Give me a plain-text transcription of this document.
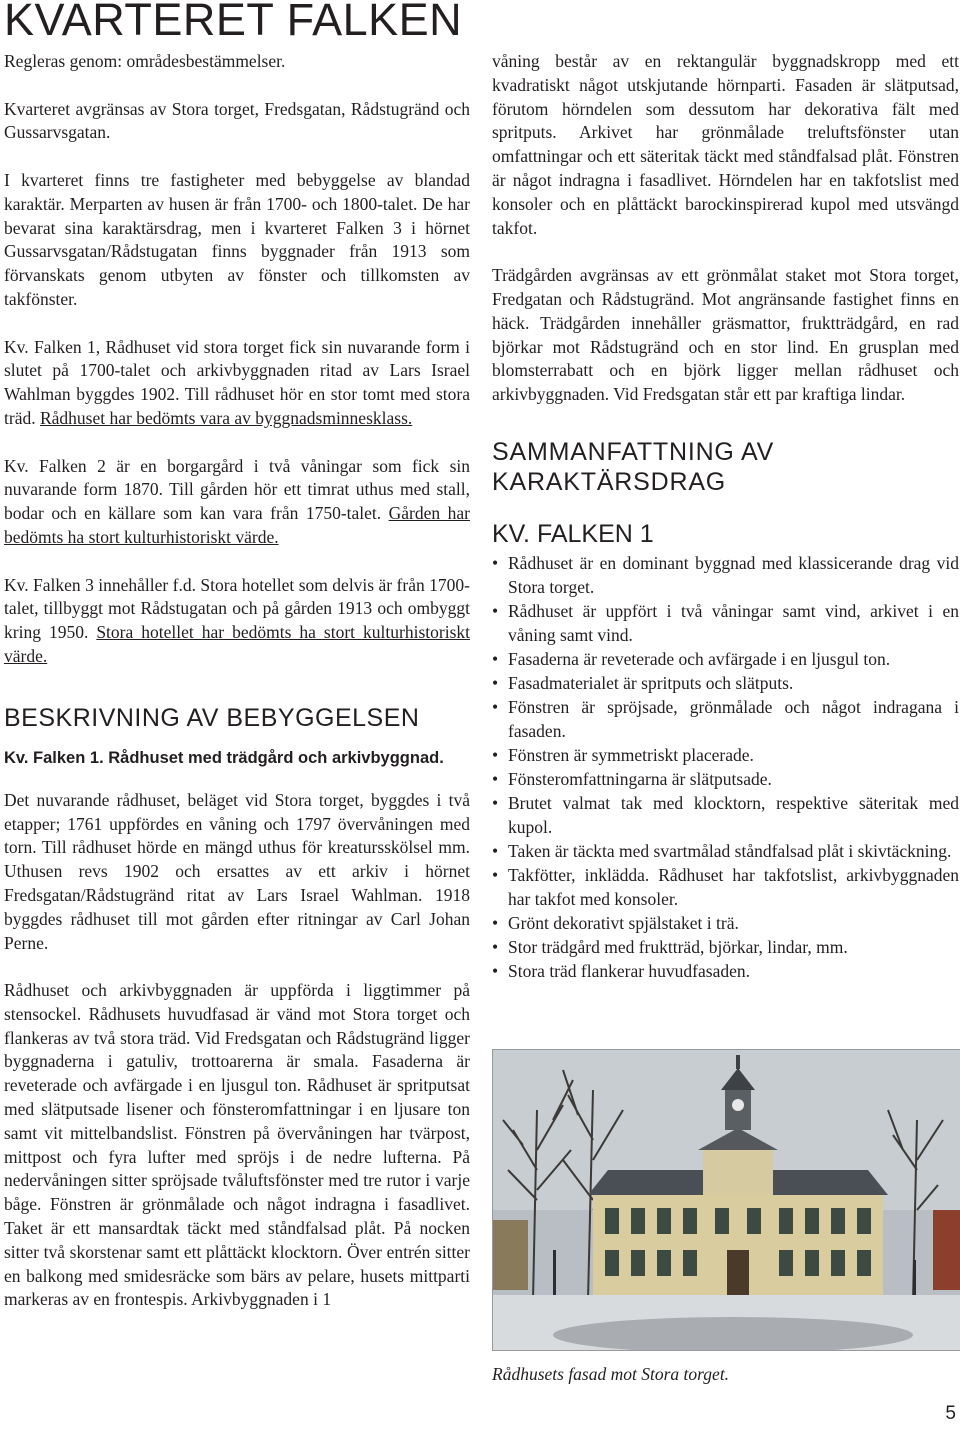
KVARTERET FALKEN

Regleras genom: områdesbestämmelser.

Kvarteret avgränsas av Stora torget, Fredsgatan, Rådstugränd och Gussarvsgatan.

I kvarteret finns tre fastigheter med bebyggelse av blandad karaktär. Merparten av husen är från 1700- och 1800-talet. De har bevarat sina karaktärsdrag, men i kvarteret Falken 3 i hörnet Gussarvsgatan/Rådstugatan finns byggnader från 1913 som förvanskats genom utbyten av fönster och tillkomsten av takfönster.

Kv. Falken 1, Rådhuset vid stora torget fick sin nuvarande form i slutet på 1700-talet och arkivbyggnaden ritad av Lars Israel Wahlman byggdes 1902. Till rådhuset hör en stor tomt med stora träd. Rådhuset har bedömts vara av byggnadsminnesklass.

Kv. Falken 2 är en borgargård i två våningar som fick sin nuvarande form 1870. Till gården hör ett timrat uthus med stall, bodar och en källare som kan vara från 1750-talet. Gården har bedömts ha stort kulturhistoriskt värde.

Kv. Falken 3 innehåller f.d. Stora hotellet som delvis är från 1700-talet, tillbyggt mot Rådstugatan och på gården 1913 och ombyggt kring 1950. Stora hotellet har bedömts ha stort kulturhistoriskt värde.

BESKRIVNING AV BEBYGGELSEN
Kv. Falken 1. Rådhuset med trädgård och arkivbyggnad.

Det nuvarande rådhuset, beläget vid Stora torget, byggdes i två etapper; 1761 uppfördes en våning och 1797 övervåningen med torn. Till rådhuset hörde en mängd uthus för kreatursskölsel mm. Uthusen revs 1902 och ersattes av ett arkiv i hörnet Fredsgatan/Rådstugränd ritat av Lars Israel Wahlman. 1918 byggdes rådhuset till mot gården efter ritningar av Carl Johan Perne.

Rådhuset och arkivbyggnaden är uppförda i liggtimmer på stensockel. Rådhusets huvudfasad är vänd mot Stora torget och flankeras av två stora träd. Vid Fredsgatan och Rådstugränd ligger byggnaderna i gatuliv, trottoarerna är smala. Fasaderna är reveterade och avfärgade i en ljusgul ton. Rådhuset är spritputsat med slätputsade lisener och fönsteromfattningar i en ljusare ton samt vit mittelbandslist. Fönstren på övervåningen har tvärpost, mittpost och fyra lufter med spröjs i de nedre lufterna. På nedervåningen sitter spröjsade tvåluftsfönster med tre rutor i varje båge. Fönstren är grönmålade och något indragna i fasadlivet. Taket är ett mansardtak täckt med ståndfalsad plåt. På nocken sitter två skorstenar samt ett plåttäckt klocktorn. Över entrén sitter en balkong med smidesräcke som bärs av pelare, husets mittparti markeras av en frontespis. Arkivbyggnaden i 1

våning består av en rektangulär byggnadskropp med ett kvadratiskt något utskjutande hörnparti. Fasaden är slätputsad, förutom hörndelen som dessutom har dekorativa fält med spritputs. Arkivet har grönmålade treluftsfönster utan omfattningar och ett säteritak täckt med ståndfalsad plåt. Fönstren är något indragna i fasadlivet. Hörndelen har en takfotslist med konsoler och en plåttäckt barockinspirerad kupol med utsvängd takfot.

Trädgården avgränsas av ett grönmålat staket mot Stora torget, Fredgatan och Rådstugränd. Mot angränsande fastighet finns en häck. Trädgården innehåller gräsmattor, fruktträdgård, en rad björkar mot Rådstugränd och en stor lind. En grusplan med blomsterrabatt och en björk ligger mellan rådhuset och arkivbyggnaden. Vid Fredsgatan står ett par kraftiga lindar.

SAMMANFATTNING AV KARAKTÄRSDRAG
KV. FALKEN 1
• Rådhuset är en dominant byggnad med klassicerande drag vid Stora torget.
• Rådhuset är uppfört i två våningar samt vind, arkivet i en våning samt vind.
• Fasaderna är reveterade och avfärgade i en ljusgul ton.
• Fasadmaterialet är spritputs och slätputs.
• Fönstren är spröjsade, grönmålade och något indragana i fasaden.
• Fönstren är symmetriskt placerade.
• Fönsteromfattningarna är slätputsade.
• Brutet valmat tak med klocktorn, respektive säteritak med kupol.
• Taken är täckta med svartmålad ståndfalsad plåt i skivtäckning.
• Takfötter, inklädda. Rådhuset har takfotslist, arkivbyggnaden har takfot med konsoler.
• Grönt dekorativt spjälstaket i trä.
• Stor trädgård med fruktträd, björkar, lindar, mm.
• Stora träd flankerar huvudfasaden.

Rådhusets fasad mot Stora torget.

5
